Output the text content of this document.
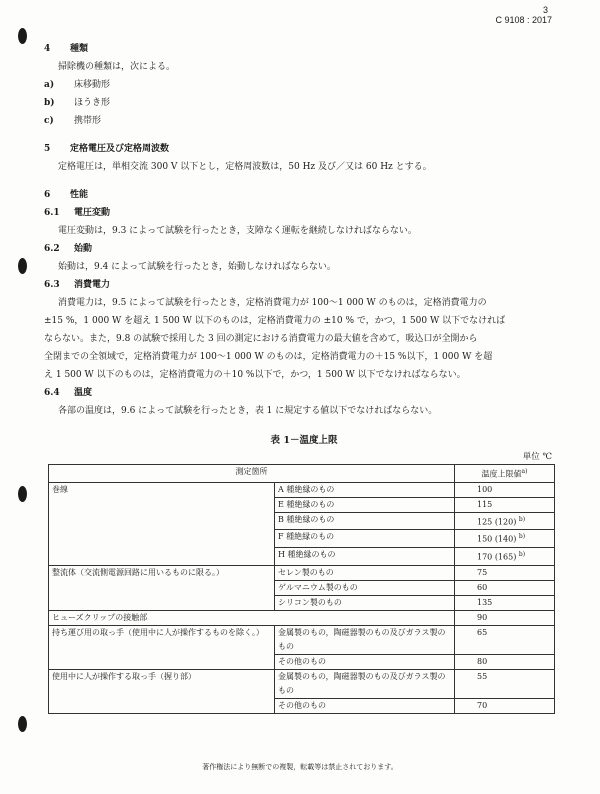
3
C 9108 : 2017
4	種類
掃除機の種類は，次による。
a)	床移動形
b)	ほうき形
c)	携帯形
5	定格電圧及び定格周波数
定格電圧は，単相交流 300 V 以下とし，定格周波数は，50 Hz 及び／又は 60 Hz とする。
6	性能
6.1	電圧変動
電圧変動は，9.3 によって試験を行ったとき，支障なく運転を継続しなければならない。
6.2	始動
始動は，9.4 によって試験を行ったとき，始動しなければならない。
6.3	消費電力
消費電力は，9.5 によって試験を行ったとき，定格消費電力が 100～1 000 W のものは，定格消費電力の
±15 %，1 000 W を超え 1 500 W 以下のものは，定格消費電力の ±10 % で，かつ，1 500 W 以下でなければ
ならない。また，9.8 の試験で採用した 3 回の測定における消費電力の最大値を含めて，吸込口が全開から
全閉までの全領域で，定格消費電力が 100～1 000 W のものは，定格消費電力の＋15 %以下，1 000 W を超
え 1 500 W 以下のものは，定格消費電力の＋10 %以下で，かつ，1 500 W 以下でなければならない。
6.4	温度
各部の温度は，9.6 によって試験を行ったとき，表 1 に規定する値以下でなければならない。
表 1－温度上限
単位 ℃
測定箇所		温度上限値$^{a)}$
巻線	A 種絶縁のもの	100
	E 種絶縁のもの	115
	B 種絶縁のもの	125 (120) $^{b)}$
	F 種絶縁のもの	150 (140) $^{b)}$
	H 種絶縁のもの	170 (165) $^{b)}$
整流体（交流側電源回路に用いるものに限る。）	セレン製のもの	75
	ゲルマニウム製のもの	60
	シリコン製のもの	135
ヒューズクリップの接触部		90
持ち運び用の取っ手（使用中に人が操作するものを除く。）	金属製のもの，陶磁器製のもの及びガラス製のもの	65
	その他のもの	80
使用中に人が操作する取っ手（握り部）	金属製のもの，陶磁器製のもの及びガラス製のもの	55
	その他のもの	70
著作権法により無断での複製，転載等は禁止されております。
